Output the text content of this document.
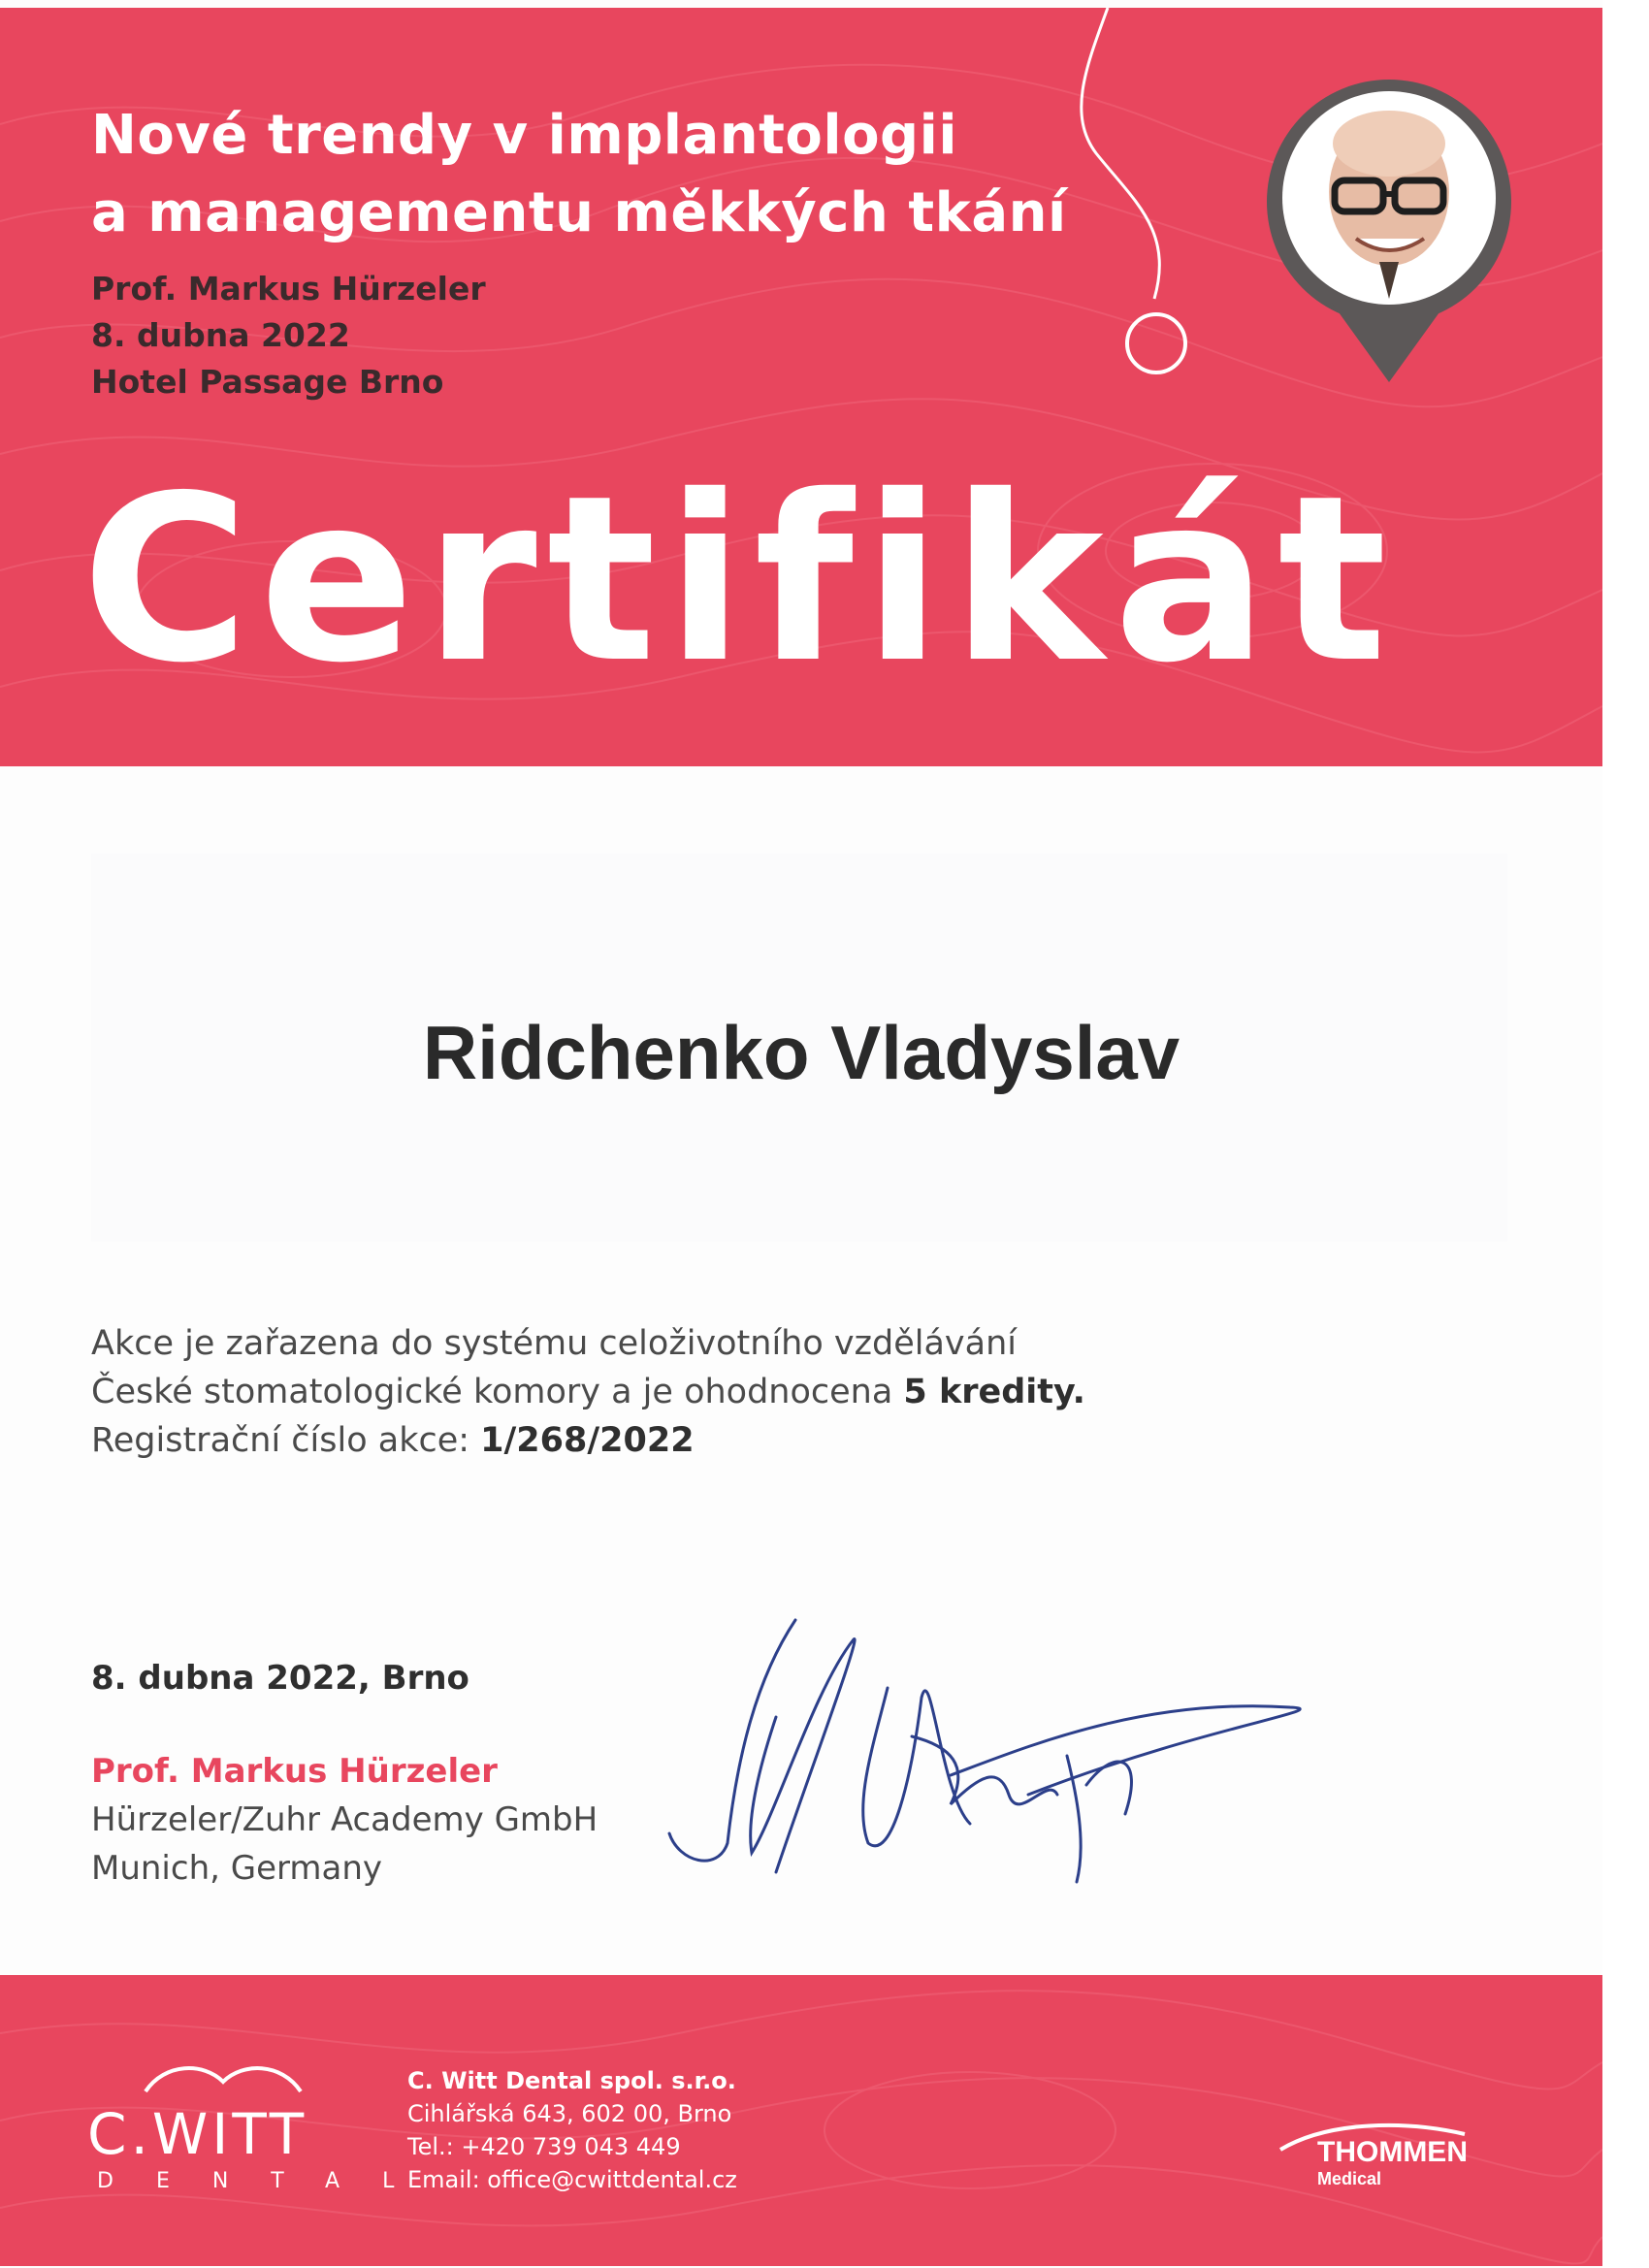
Nové trendy v implantologii
a managementu měkkých tkání
Prof. Markus Hürzeler
8. dubna 2022
Hotel Passage Brno
Certifikát
Ridchenko Vladyslav
Akce je zařazena do systému celoživotního vzdělávání
České stomatologické komory a je ohodnocena 5 kredity.
Registrační číslo akce: 1/268/2022
8. dubna 2022, Brno
Prof. Markus Hürzeler
Hürzeler/Zuhr Academy GmbH
Munich, Germany
C.WITT
DENTAL
C. Witt Dental spol. s.r.o.
Cihlářská 643, 602 00, Brno
Tel.: +420 739 043 449
Email: office@cwittdental.cz
THOMMEN
Medical
